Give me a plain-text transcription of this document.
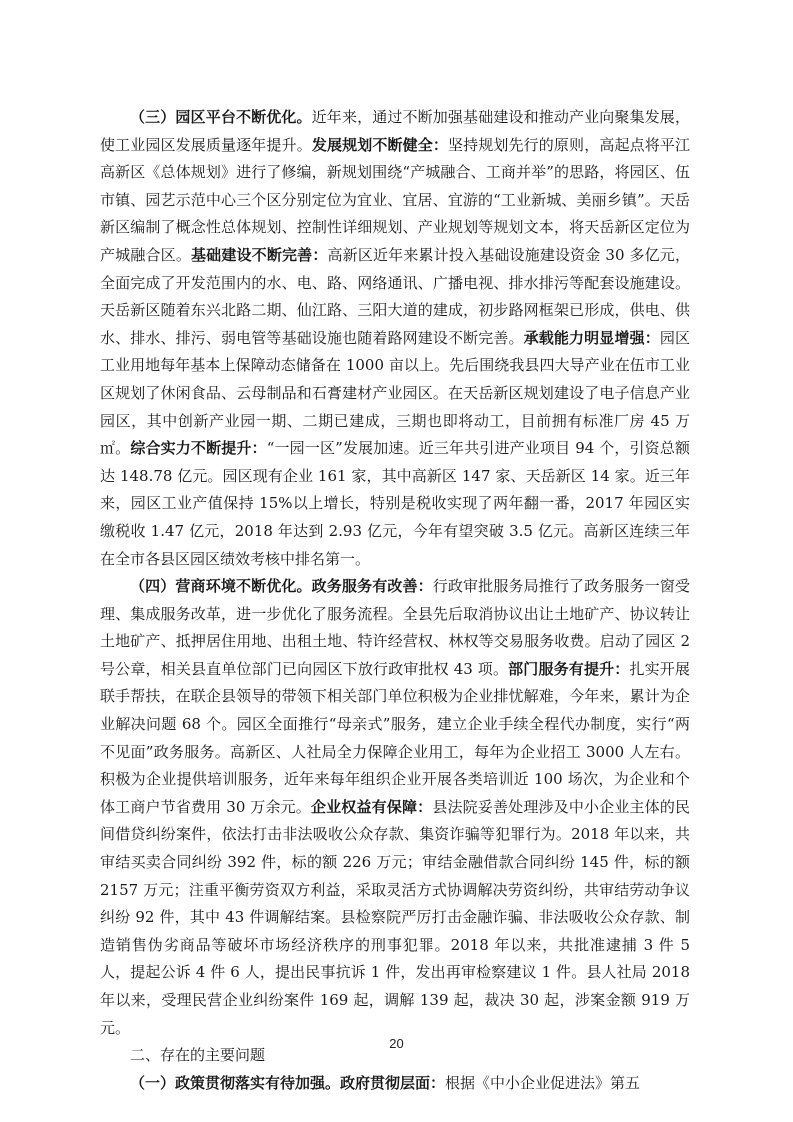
（三）园区平台不断优化。近年来，通过不断加强基础建设和推动产业向聚集发展，使工业园区发展质量逐年提升。发展规划不断健全：坚持规划先行的原则，高起点将平江高新区《总体规划》进行了修编，新规划围绕“产城融合、工商并举”的思路，将园区、伍市镇、园艺示范中心三个区分别定位为宜业、宜居、宜游的“工业新城、美丽乡镇”。天岳新区编制了概念性总体规划、控制性详细规划、产业规划等规划文本，将天岳新区定位为产城融合区。基础建设不断完善：高新区近年来累计投入基础设施建设资金 30 多亿元，全面完成了开发范围内的水、电、路、网络通讯、广播电视、排水排污等配套设施建设。天岳新区随着东兴北路二期、仙江路、三阳大道的建成，初步路网框架已形成，供电、供水、排水、排污、弱电管等基础设施也随着路网建设不断完善。承载能力明显增强：园区工业用地每年基本上保障动态储备在 1000 亩以上。先后围绕我县四大导产业在伍市工业区规划了休闲食品、云母制品和石膏建材产业园区。在天岳新区规划建设了电子信息产业园区，其中创新产业园一期、二期已建成，三期也即将动工，目前拥有标准厂房 45 万㎡。综合实力不断提升：“一园一区”发展加速。近三年共引进产业项目 94 个，引资总额达 148.78 亿元。园区现有企业 161 家，其中高新区 147 家、天岳新区 14 家。近三年来，园区工业产值保持 15%以上增长，特别是税收实现了两年翻一番，2017 年园区实缴税收 1.47 亿元，2018 年达到 2.93 亿元，今年有望突破 3.5 亿元。高新区连续三年在全市各县区园区绩效考核中排名第一。

（四）营商环境不断优化。政务服务有改善：行政审批服务局推行了政务服务一窗受理、集成服务改革，进一步优化了服务流程。全县先后取消协议出让土地矿产、协议转让土地矿产、抵押居住用地、出租土地、特许经营权、林权等交易服务收费。启动了园区 2 号公章，相关县直单位部门已向园区下放行政审批权 43 项。部门服务有提升：扎实开展联手帮扶，在联企县领导的带领下相关部门单位积极为企业排忧解难，今年来，累计为企业解决问题 68 个。园区全面推行“母亲式”服务，建立企业手续全程代办制度，实行“两不见面”政务服务。高新区、人社局全力保障企业用工，每年为企业招工 3000 人左右。积极为企业提供培训服务，近年来每年组织企业开展各类培训近 100 场次，为企业和个体工商户节省费用 30 万余元。企业权益有保障：县法院妥善处理涉及中小企业主体的民间借贷纠纷案件，依法打击非法吸收公众存款、集资诈骗等犯罪行为。2018 年以来，共审结买卖合同纠纷 392 件，标的额 226 万元；审结金融借款合同纠纷 145 件，标的额 2157 万元；注重平衡劳资双方利益，采取灵活方式协调解决劳资纠纷，共审结劳动争议纠纷 92 件，其中 43 件调解结案。县检察院严厉打击金融诈骗、非法吸收公众存款、制造销售伪劣商品等破坏市场经济秩序的刑事犯罪。2018 年以来，共批准逮捕 3 件 5 人，提起公诉 4 件 6 人，提出民事抗诉 1 件，发出再审检察建议 1 件。县人社局 2018 年以来，受理民营企业纠纷案件 169 起，调解 139 起，裁决 30 起，涉案金额 919 万元。

二、存在的主要问题

（一）政策贯彻落实有待加强。政府贯彻层面：根据《中小企业促进法》第五

20
